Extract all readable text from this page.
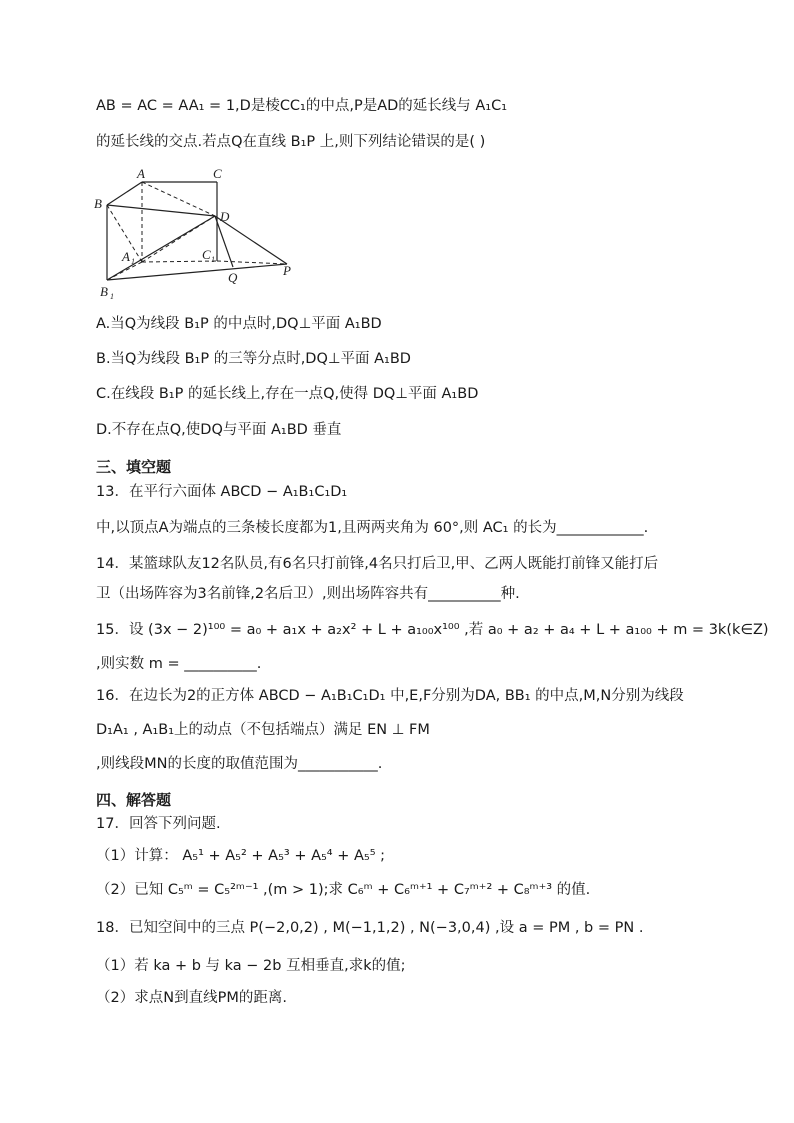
AB = AC = AA₁ = 1,D是棱CC₁的中点,P是AD的延长线与 A₁C₁
的延长线的交点.若点Q在直线 B₁P 上,则下列结论错误的是( )
A	C
B
D
A 1	C 1
B 1
Q	P
A.当Q为线段 B₁P 的中点时,DQ⊥平面 A₁BD
B.当Q为线段 B₁P 的三等分点时,DQ⊥平面 A₁BD
C.在线段 B₁P 的延长线上,存在一点Q,使得 DQ⊥平面 A₁BD
D.不存在点Q,使DQ与平面 A₁BD 垂直
三、填空题
13．在平行六面体 ABCD − A₁B₁C₁D₁
中,以顶点A为端点的三条棱长度都为1,且两两夹角为 60°,则 AC₁ 的长为____________.
14．某篮球队友12名队员,有6名只打前锋,4名只打后卫,甲、乙两人既能打前锋又能打后
卫（出场阵容为3名前锋,2名后卫）,则出场阵容共有__________种.
15．设 (3x − 2)¹⁰⁰ = a₀ + a₁x + a₂x² + L + a₁₀₀x¹⁰⁰ ,若 a₀ + a₂ + a₄ + L + a₁₀₀ + m = 3k(k∈Z)
,则实数 m = __________.
16．在边长为2的正方体 ABCD − A₁B₁C₁D₁ 中,E,F分别为DA, BB₁ 的中点,M,N分别为线段
D₁A₁ , A₁B₁上的动点（不包括端点）满足 EN ⊥ FM
,则线段MN的长度的取值范围为___________.
四、解答题
17．回答下列问题.
（1）计算： A₅¹ + A₅² + A₅³ + A₅⁴ + A₅⁵ ;
（2）已知 C₅ᵐ = C₅²ᵐ⁻¹ ,(m > 1);求 C₆ᵐ + C₆ᵐ⁺¹ + C₇ᵐ⁺² + C₈ᵐ⁺³ 的值.
18．已知空间中的三点 P(−2,0,2) , M(−1,1,2) , N(−3,0,4) ,设 a = PM , b = PN .
（1）若 ka + b 与 ka − 2b 互相垂直,求k的值;
（2）求点N到直线PM的距离.
